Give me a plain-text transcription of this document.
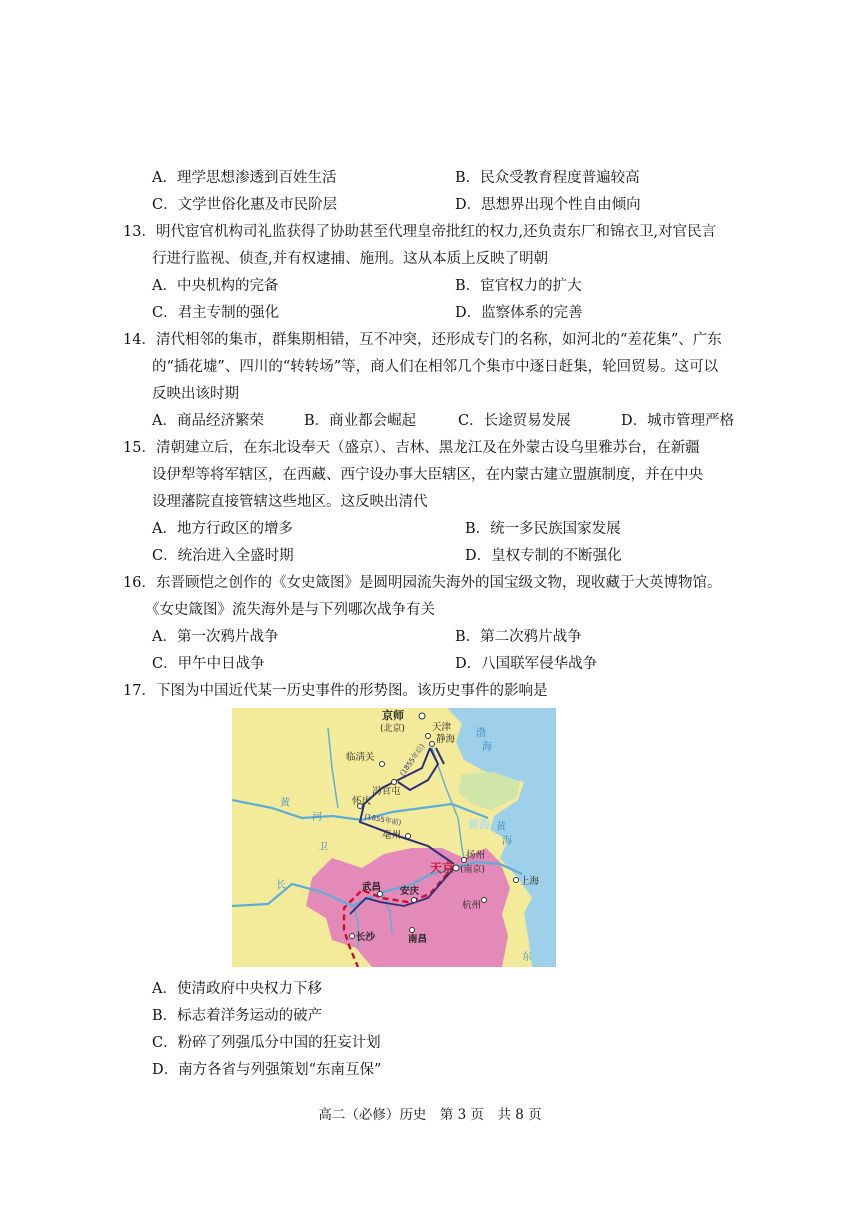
A．理学思想渗透到百姓生活	B．民众受教育程度普遍较高
C．文学世俗化惠及市民阶层	D．思想界出现个性自由倾向
13．明代宦官机构司礼监获得了协助甚至代理皇帝批红的权力,还负责东厂和锦衣卫,对官民言
行进行监视、侦查,并有权逮捕、施刑。这从本质上反映了明朝
A．中央机构的完备	B．宦官权力的扩大
C．君主专制的强化	D．监察体系的完善
14．清代相邻的集市，群集期相错，互不冲突，还形成专门的名称，如河北的“差花集”、广东
的“插花墟”、四川的“转转场”等，商人们在相邻几个集市中逐日赶集，轮回贸易。这可以
反映出该时期
A．商品经济繁荣	B．商业都会崛起	C．长途贸易发展	D．城市管理严格
15．清朝建立后，在东北设奉天（盛京）、吉林、黑龙江及在外蒙古设乌里雅苏台，在新疆
设伊犁等将军辖区，在西藏、西宁设办事大臣辖区，在内蒙古建立盟旗制度，并在中央
设理藩院直接管辖这些地区。这反映出清代
A．地方行政区的增多	B．统一多民族国家发展
C．统治进入全盛时期	D．皇权专制的不断强化
16．东晋顾恺之创作的《女史箴图》是圆明园流失海外的国宝级文物，现收藏于大英博物馆。
《女史箴图》流失海外是与下列哪次战争有关
A．第一次鸦片战争	B．第二次鸦片战争
C．甲午中日战争	D．八国联军侵华战争
17．下图为中国近代某一历史事件的形势图。该历史事件的影响是
京师
(北京)	天津
静海
临淸关
冯官屯
怀庆
亳州
扬州
天京 (南京)
上海
武昌 安庆
杭州
南昌
长沙
渤
海
黄
河
长
黄
海
东
卫
(1855年后)
(1855年前)	黄海
A．使清政府中央权力下移
B．标志着洋务运动的破产
C．粉碎了列强瓜分中国的狂妄计划
D．南方各省与列强策划“东南互保”
高二（必修）历史　第 3 页　共 8 页
